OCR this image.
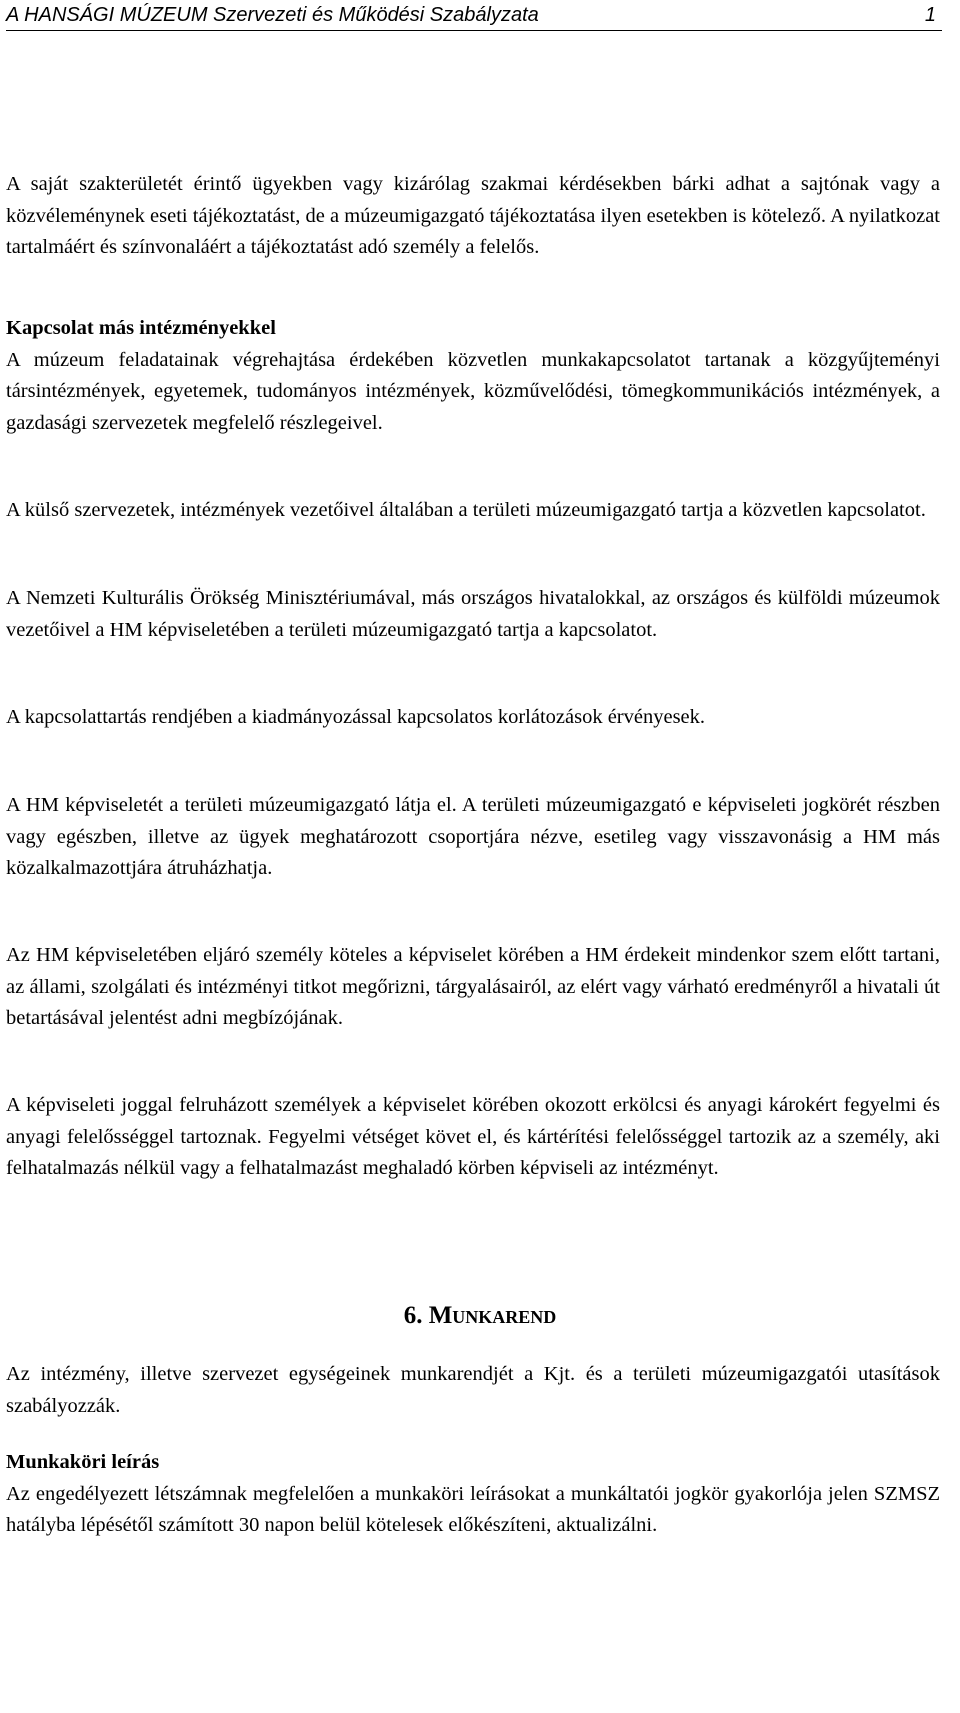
A HANSÁGI MÚZEUM Szervezeti és Működési Szabályzata	1

A saját szakterületét érintő ügyekben vagy kizárólag szakmai kérdésekben bárki adhat a sajtónak vagy a közvéleménynek eseti tájékoztatást, de a múzeumigazgató tájékoztatása ilyen esetekben is kötelező. A nyilatkozat tartalmáért és színvonaláért a tájékoztatást adó személy a felelős.

Kapcsolat más intézményekkel

A múzeum feladatainak végrehajtása érdekében közvetlen munkakapcsolatot tartanak a közgyűjteményi társintézmények, egyetemek, tudományos intézmények, közművelődési, tömegkommunikációs intézmények, a gazdasági szervezetek megfelelő részlegeivel.

A külső szervezetek, intézmények vezetőivel általában a területi múzeumigazgató tartja a közvetlen kapcsolatot.

A Nemzeti Kulturális Örökség Minisztériumával, más országos hivatalokkal, az országos és külföldi múzeumok vezetőivel a HM képviseletében a területi múzeumigazgató tartja a kapcsolatot.

A kapcsolattartás rendjében a kiadmányozással kapcsolatos korlátozások érvényesek.

A HM képviseletét a területi múzeumigazgató látja el. A területi múzeumigazgató e képviseleti jogkörét részben vagy egészben, illetve az ügyek meghatározott csoportjára nézve, esetileg vagy visszavonásig a HM más közalkalmazottjára átruházhatja.

Az HM képviseletében eljáró személy köteles a képviselet körében a HM érdekeit mindenkor szem előtt tartani, az állami, szolgálati és intézményi titkot megőrizni, tárgyalásairól, az elért vagy várható eredményről a hivatali út betartásával jelentést adni megbízójának.

A képviseleti joggal felruházott személyek a képviselet körében okozott erkölcsi és anyagi károkért fegyelmi és anyagi felelősséggel tartoznak. Fegyelmi vétséget követ el, és kártérítési felelősséggel tartozik az a személy, aki felhatalmazás nélkül vagy a felhatalmazást meghaladó körben képviseli az intézményt.

6. Munkarend

Az intézmény, illetve szervezet egységeinek munkarendjét a Kjt. és a területi múzeumigazgatói utasítások szabályozzák.

Munkaköri leírás

Az engedélyezett létszámnak megfelelően a munkaköri leírásokat a munkáltatói jogkör gyakorlója jelen SZMSZ hatályba lépésétől számított 30 napon belül kötelesek előkészíteni, aktualizálni.
